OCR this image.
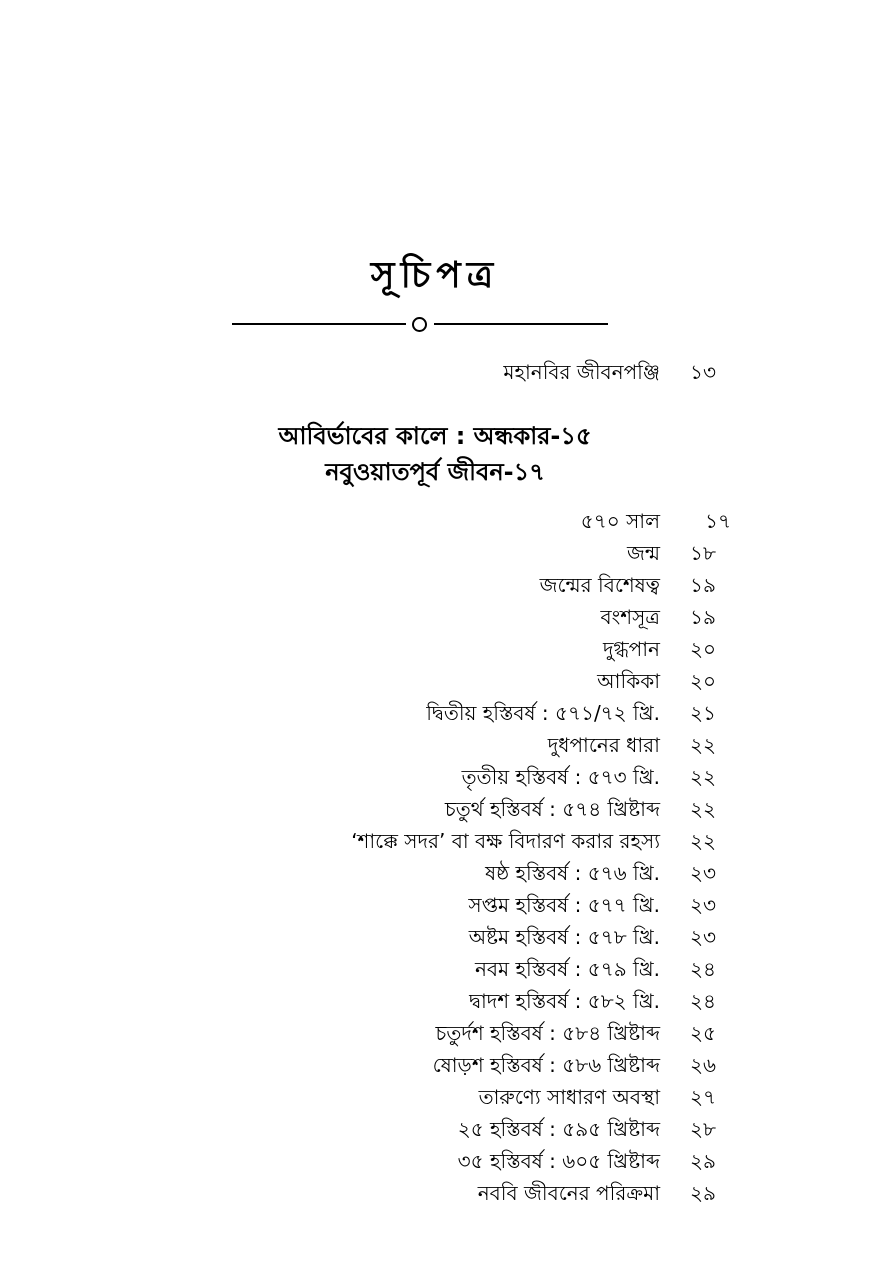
সূচিপত্র
মহানবির জীবনপঞ্জি ১৩
আবির্ভাবের কালে : অন্ধকার-১৫
নবুওয়াতপূর্ব জীবন-১৭
৫৭০ সাল ১৭
জন্ম ১৮
জন্মের বিশেষত্ব ১৯
বংশসূত্র ১৯
দুগ্ধপান ২০
আকিকা ২০
দ্বিতীয় হস্তিবর্ষ : ৫৭১/৭২ খ্রি. ২১
দুধপানের ধারা ২২
তৃতীয় হস্তিবর্ষ : ৫৭৩ খ্রি. ২২
চতুর্থ হস্তিবর্ষ : ৫৭৪ খ্রিষ্টাব্দ ২২
‘শাক্কে সদর’ বা বক্ষ বিদারণ করার রহস্য ২২
ষষ্ঠ হস্তিবর্ষ : ৫৭৬ খ্রি. ২৩
সপ্তম হস্তিবর্ষ : ৫৭৭ খ্রি. ২৩
অষ্টম হস্তিবর্ষ : ৫৭৮ খ্রি. ২৩
নবম হস্তিবর্ষ : ৫৭৯ খ্রি. ২৪
দ্বাদশ হস্তিবর্ষ : ৫৮২ খ্রি. ২৪
চতুর্দশ হস্তিবর্ষ : ৫৮৪ খ্রিষ্টাব্দ ২৫
ষোড়শ হস্তিবর্ষ : ৫৮৬ খ্রিষ্টাব্দ ২৬
তারুণ্যে সাধারণ অবস্থা ২৭
২৫ হস্তিবর্ষ : ৫৯৫ খ্রিষ্টাব্দ ২৮
৩৫ হস্তিবর্ষ : ৬০৫ খ্রিষ্টাব্দ ২৯
নববি জীবনের পরিক্রমা ২৯
